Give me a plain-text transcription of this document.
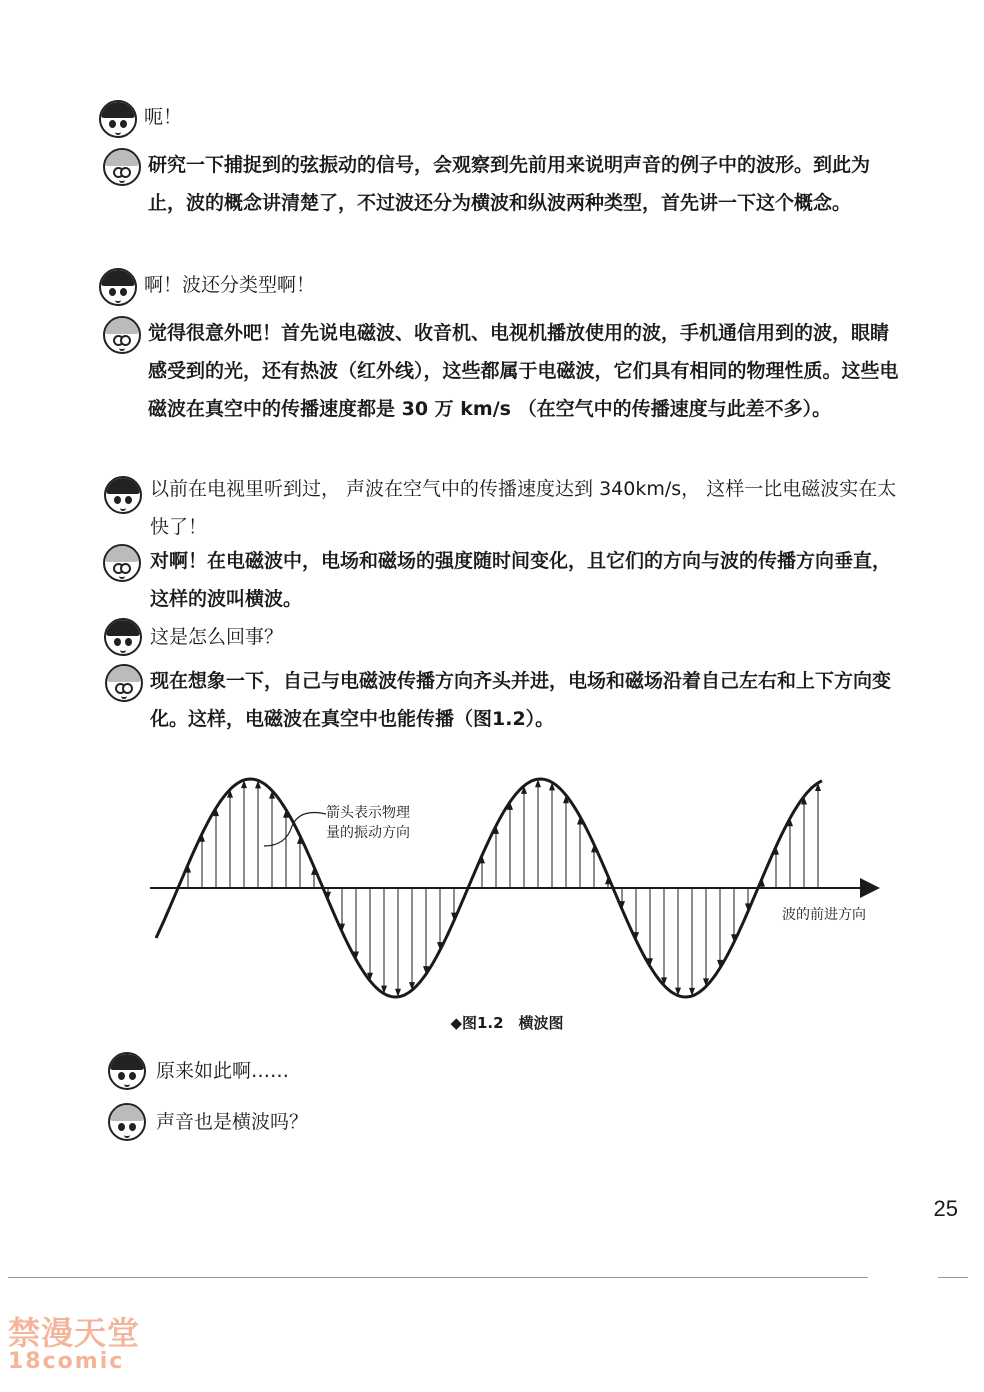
呃！

研究一下捕捉到的弦振动的信号，会观察到先前用来说明声音的例子中的波形。到此为止，波的概念讲清楚了，不过波还分为横波和纵波两种类型，首先讲一下这个概念。

啊！波还分类型啊！

觉得很意外吧！首先说电磁波、收音机、电视机播放使用的波，手机通信用到的波，眼睛感受到的光，还有热波（红外线），这些都属于电磁波，它们具有相同的物理性质。这些电磁波在真空中的传播速度都是 30 万 km/s （在空气中的传播速度与此差不多）。

以前在电视里听到过， 声波在空气中的传播速度达到 340km/s， 这样一比电磁波实在太快了！

对啊！在电磁波中，电场和磁场的强度随时间变化，且它们的方向与波的传播方向垂直，这样的波叫横波。

这是怎么回事？

现在想象一下，自己与电磁波传播方向齐头并进，电场和磁场沿着自己左右和上下方向变化。这样，电磁波在真空中也能传播（图1.2）。

原来如此啊……

声音也是横波吗？

箭头表示物理
量的振动方向
波的前进方向
◆图1.2　横波图
25
禁漫天堂
18comic
